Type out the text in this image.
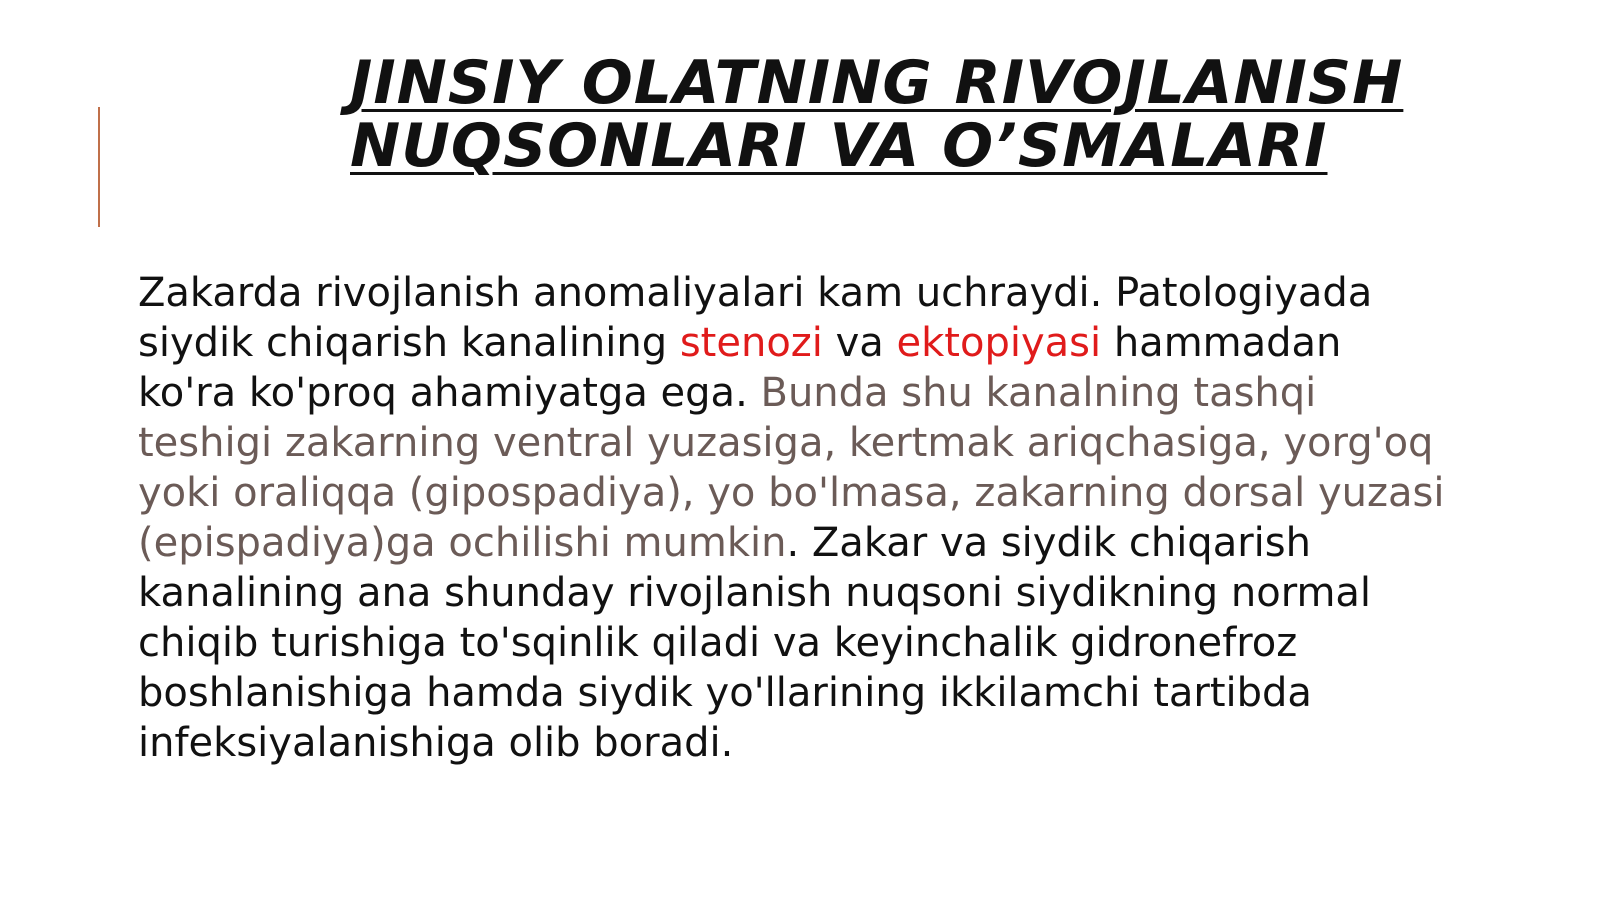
JINSIY OLATNING RIVOJLANISH
NUQSONLARI VA O’SMALARI
Zakarda rivojlanish anomaliyalari kam uchraydi. Patologiyada
siydik chiqarish kanalining stenozi va ektopiyasi hammadan
ko'ra ko'proq ahamiyatga ega. Bunda shu kanalning tashqi
teshigi zakarning ventral yuzasiga, kertmak ariqchasiga, yorg'oq
yoki oraliqqa (gipospadiya), yo bo'lmasa, zakarning dorsal yuzasi
(epispadiya)ga ochilishi mumkin. Zakar va siydik chiqarish
kanalining ana shunday rivojlanish nuqsoni siydikning normal
chiqib turishiga to'sqinlik qiladi va keyinchalik gidronefroz
boshlanishiga hamda siydik yo'llarining ikkilamchi tartibda
infeksiyalanishiga olib boradi.
